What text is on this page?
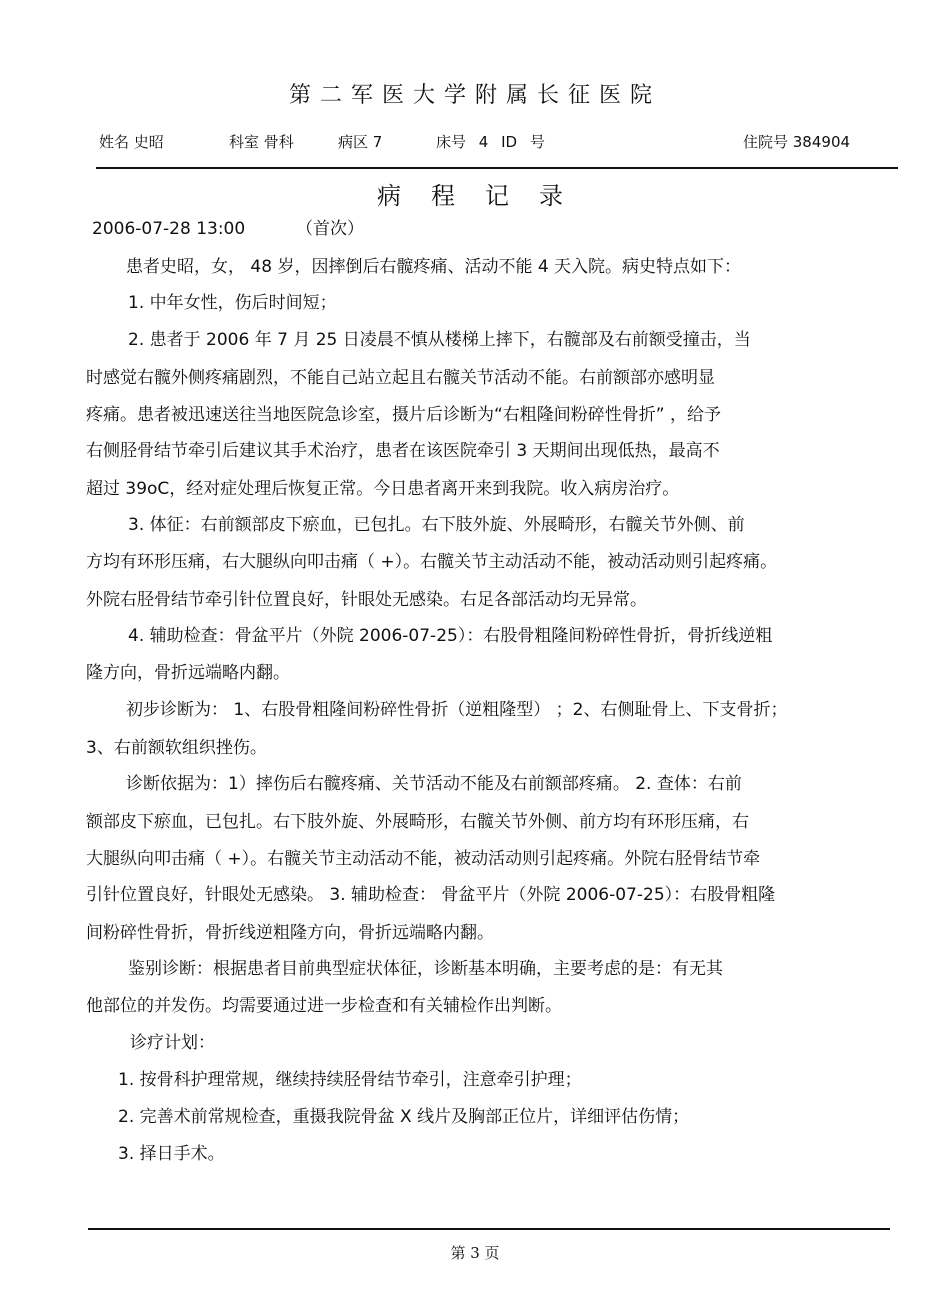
第二军医大学附属长征医院
姓名 史昭	科室 骨科	病区 7	床号 4 ID 号	住院号 384904
病程记录
2006-07-28 13:00	（首次）
患者史昭，女， 48 岁，因摔倒后右髋疼痛、活动不能 4 天入院。病史特点如下：
1. 中年女性，伤后时间短；
2. 患者于 2006 年 7 月 25 日凌晨不慎从楼梯上摔下，右髋部及右前额受撞击，当
时感觉右髋外侧疼痛剧烈，不能自己站立起且右髋关节活动不能。右前额部亦感明显
疼痛。患者被迅速送往当地医院急诊室，摄片后诊断为“右粗隆间粉碎性骨折” ，给予
右侧胫骨结节牵引后建议其手术治疗，患者在该医院牵引 3 天期间出现低热，最高不
超过 39oC，经对症处理后恢复正常。今日患者离开来到我院。收入病房治疗。
3. 体征：右前额部皮下瘀血，已包扎。右下肢外旋、外展畸形，右髋关节外侧、前
方均有环形压痛，右大腿纵向叩击痛（ +）。右髋关节主动活动不能，被动活动则引起疼痛。
外院右胫骨结节牵引针位置良好，针眼处无感染。右足各部活动均无异常。
4. 辅助检查：骨盆平片（外院 2006-07-25）：右股骨粗隆间粉碎性骨折，骨折线逆粗
隆方向，骨折远端略内翻。
初步诊断为： 1、右股骨粗隆间粉碎性骨折（逆粗隆型） ；2、右侧耻骨上、下支骨折；
3、右前额软组织挫伤。
诊断依据为：1）摔伤后右髋疼痛、关节活动不能及右前额部疼痛。 2. 查体：右前
额部皮下瘀血，已包扎。右下肢外旋、外展畸形，右髋关节外侧、前方均有环形压痛，右
大腿纵向叩击痛（ +）。右髋关节主动活动不能，被动活动则引起疼痛。外院右胫骨结节牵
引针位置良好，针眼处无感染。 3. 辅助检查： 骨盆平片（外院 2006-07-25）：右股骨粗隆
间粉碎性骨折，骨折线逆粗隆方向，骨折远端略内翻。
鉴别诊断：根据患者目前典型症状体征，诊断基本明确，主要考虑的是：有无其
他部位的并发伤。均需要通过进一步检查和有关辅检作出判断。
诊疗计划：
1. 按骨科护理常规，继续持续胫骨结节牵引，注意牵引护理；
2. 完善术前常规检查，重摄我院骨盆 X 线片及胸部正位片，详细评估伤情；
3. 择日手术。
第 3 页
